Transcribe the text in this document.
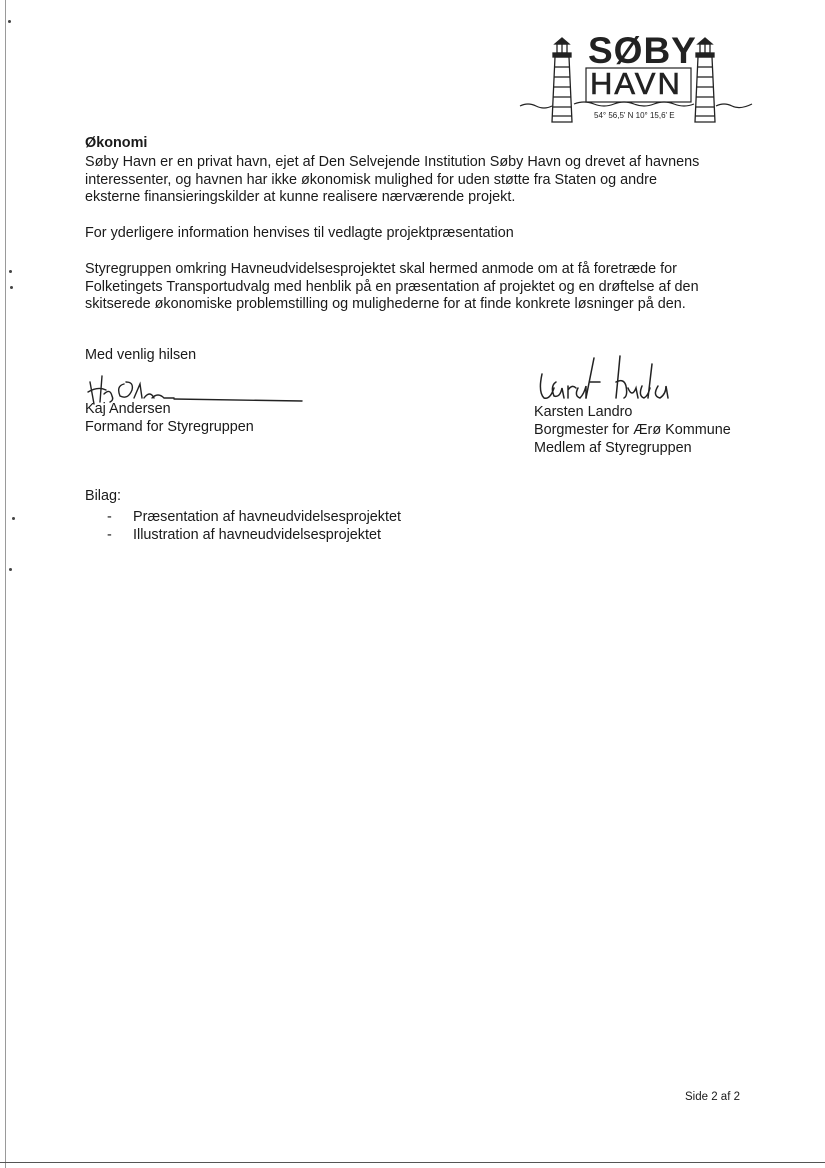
SØBY
HAVN
54° 56,5' N 10° 15,6' E
Økonomi
Søby Havn er en privat havn, ejet af Den Selvejende Institution Søby Havn og drevet af havnens
interessenter, og havnen har ikke økonomisk mulighed for uden støtte fra Staten og andre
eksterne finansieringskilder at kunne realisere nærværende projekt.
For yderligere information henvises til vedlagte projektpræsentation
Styregruppen omkring Havneudvidelsesprojektet skal hermed anmode om at få foretræde for
Folketingets Transportudvalg med henblik på en præsentation af projektet og en drøftelse af den
skitserede økonomiske problemstilling og mulighederne for at finde konkrete løsninger på den.
Med venlig hilsen
Kaj Andersen
Formand for Styregruppen
Karsten Landro
Borgmester for Ærø Kommune
Medlem af Styregruppen
Bilag:
- Præsentation af havneudvidelsesprojektet
- Illustration af havneudvidelsesprojektet
Side 2 af 2
